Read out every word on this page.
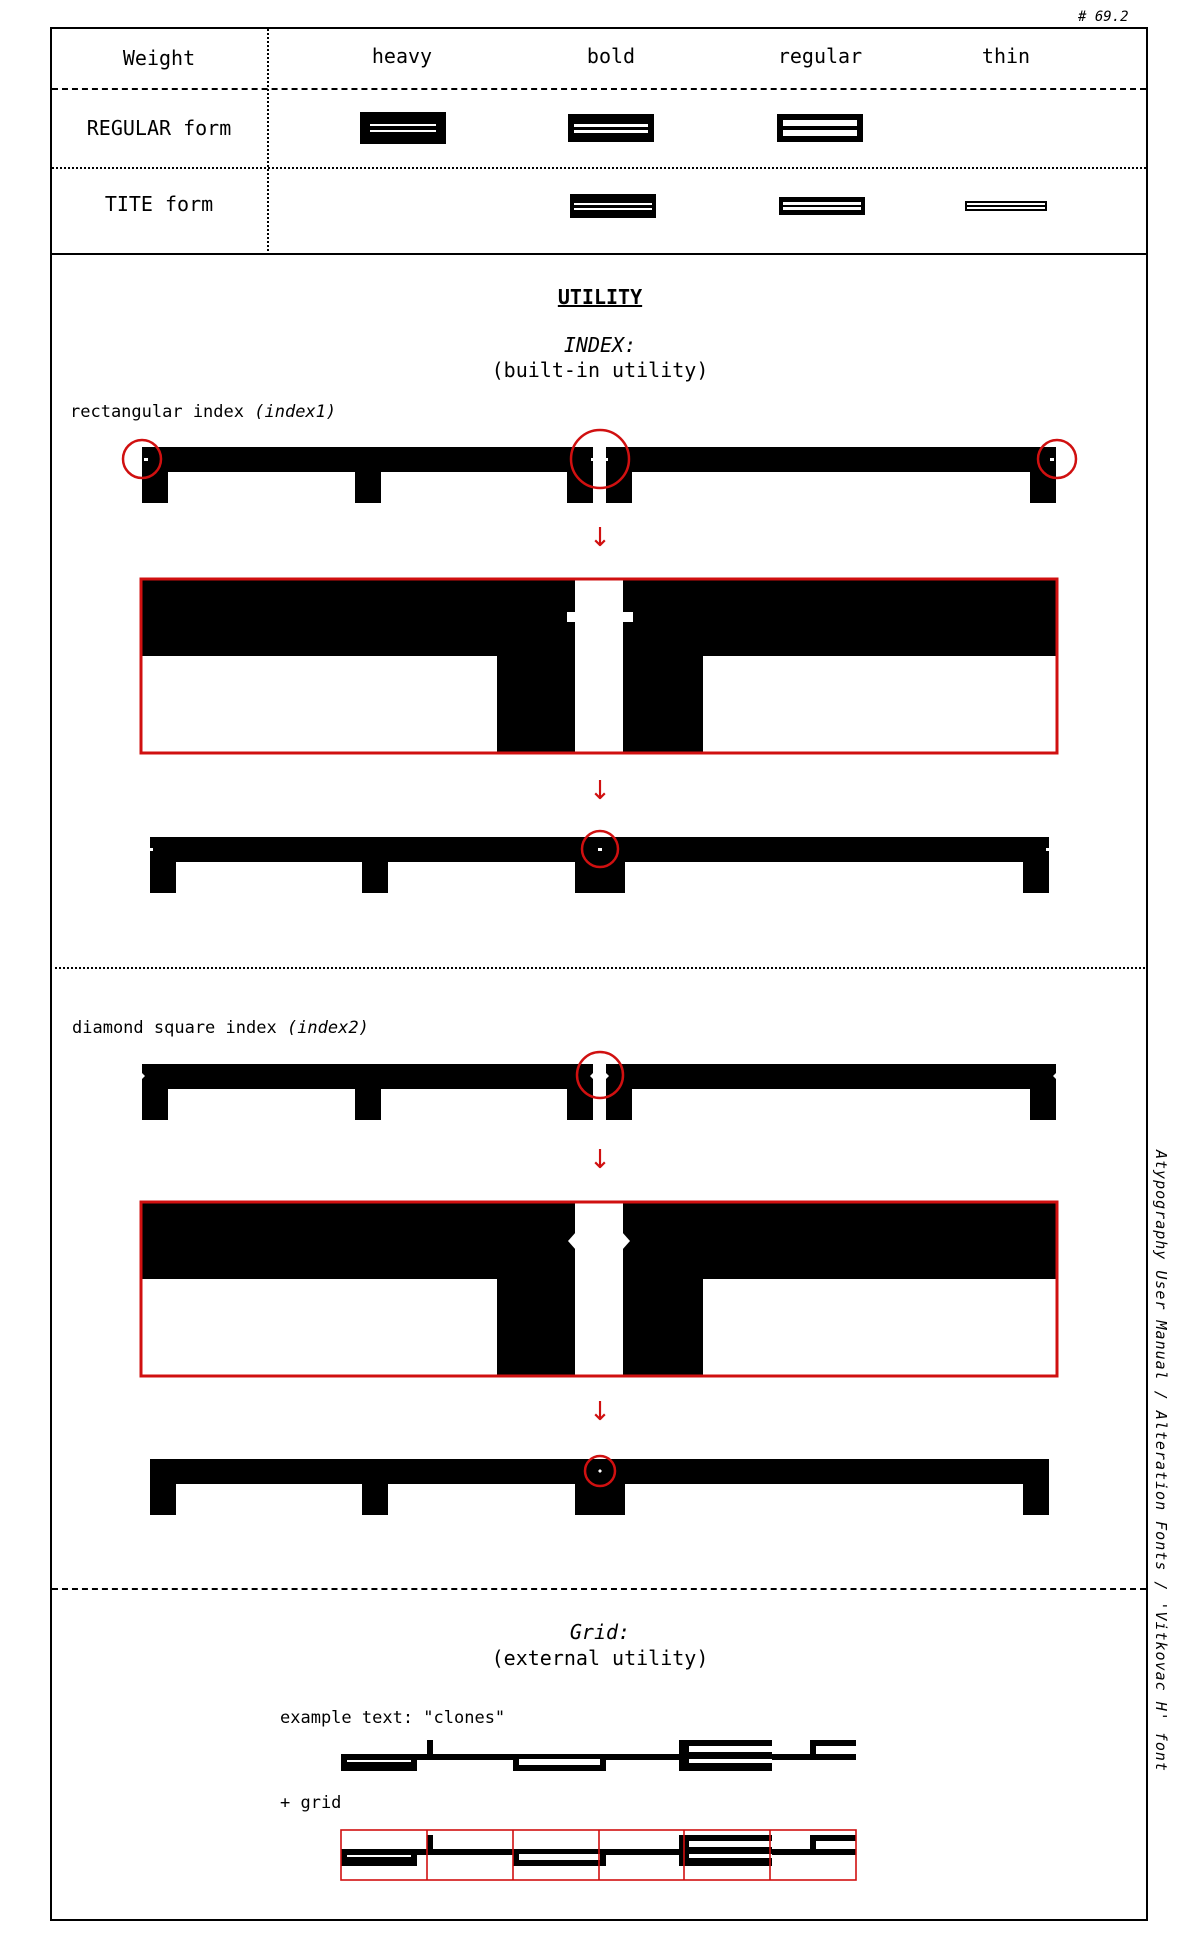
# 69.2
Weight	heavy	bold	regular	thin
REGULAR form
TITE form
UTILITY
INDEX:
(built-in utility)
rectangular index (index1)
↓
↓
↓
↓
diamond square index (index2)
Grid:
(external utility)
example text: "clones"
+ grid
Atypography User Manual / Alteration Fonts / 'Vitkovac H' font
